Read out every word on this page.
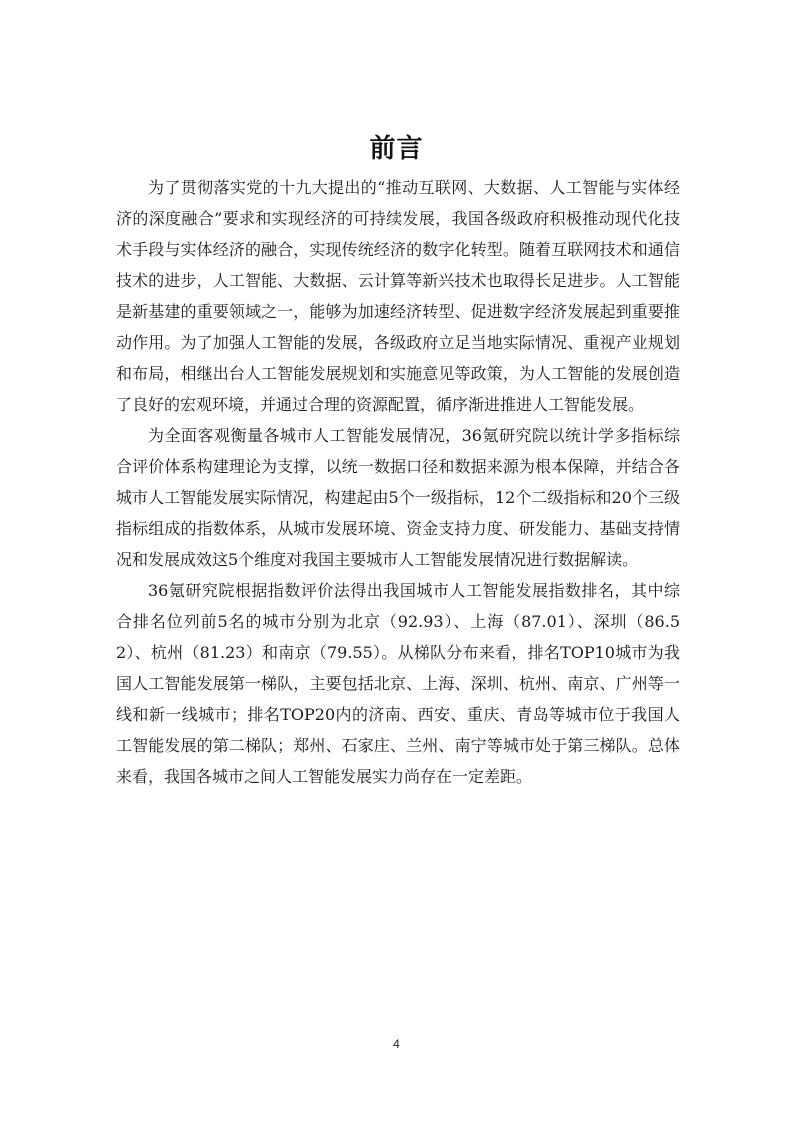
前言

为了贯彻落实党的十九大提出的“推动互联网、大数据、人工智能与实体经济的深度融合”要求和实现经济的可持续发展，我国各级政府积极推动现代化技术手段与实体经济的融合，实现传统经济的数字化转型。随着互联网技术和通信技术的进步，人工智能、大数据、云计算等新兴技术也取得长足进步。人工智能是新基建的重要领域之一，能够为加速经济转型、促进数字经济发展起到重要推动作用。为了加强人工智能的发展，各级政府立足当地实际情况、重视产业规划和布局，相继出台人工智能发展规划和实施意见等政策，为人工智能的发展创造了良好的宏观环境，并通过合理的资源配置，循序渐进推进人工智能发展。

为全面客观衡量各城市人工智能发展情况，36氪研究院以统计学多指标综合评价体系构建理论为支撑，以统一数据口径和数据来源为根本保障，并结合各城市人工智能发展实际情况，构建起由5个一级指标，12个二级指标和20个三级指标组成的指数体系，从城市发展环境、资金支持力度、研发能力、基础支持情况和发展成效这5个维度对我国主要城市人工智能发展情况进行数据解读。

36氪研究院根据指数评价法得出我国城市人工智能发展指数排名，其中综合排名位列前5名的城市分别为北京（92.93）、上海（87.01）、深圳（86.52）、杭州（81.23）和南京（79.55）。从梯队分布来看，排名TOP10城市为我国人工智能发展第一梯队，主要包括北京、上海、深圳、杭州、南京、广州等一线和新一线城市；排名TOP20内的济南、西安、重庆、青岛等城市位于我国人工智能发展的第二梯队；郑州、石家庄、兰州、南宁等城市处于第三梯队。总体来看，我国各城市之间人工智能发展实力尚存在一定差距。

4
